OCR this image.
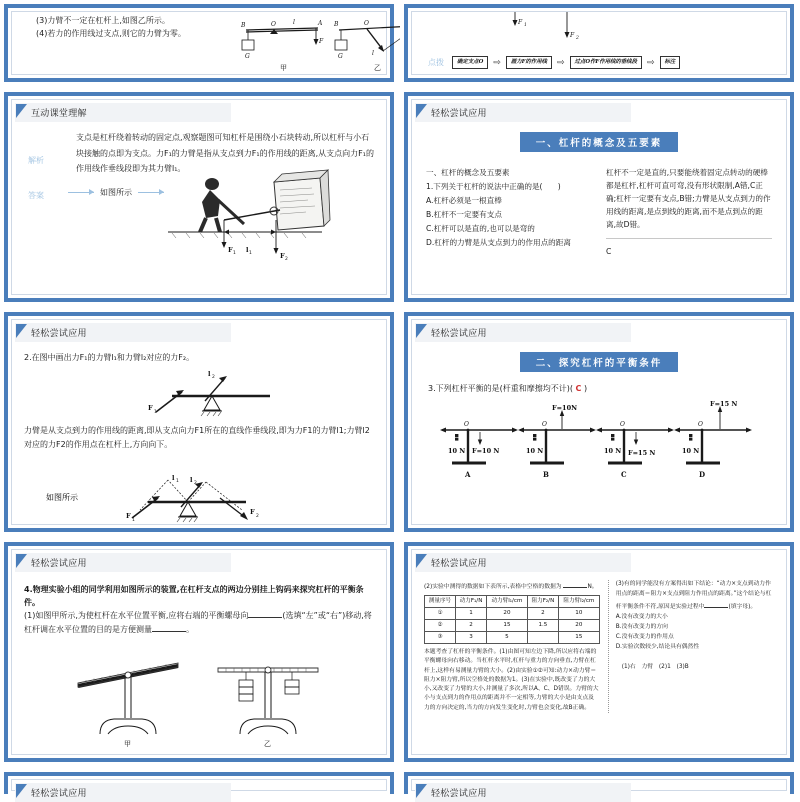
(3)力臂不一定在杠杆上,如图乙所示。
(4)若力的作用线过支点,则它的力臂为零。
B	O	l	A
F
G
甲
B	O
l
G
乙
F 1
F 2
点拨	确定支点O	⇨	画力F的作用线	⇨	过点O作F作用线的垂线段	⇨	标注
互动课堂理解
解析
支点是杠杆绕着转动的固定点,观察题图可知杠杆是围绕小石块转动,所以杠杆与小石块接触的点即为支点。力F₁的力臂是指从支点到力F₁的作用线的距离,从支点向力F₁的作用线作垂线段即为其力臂l₁。
答案	如图所示
F 1 l 1	F 2
轻松尝试应用
一、杠杆的概念及五要素

一、杠杆的概念及五要素

1.下列关于杠杆的说法中正确的是(　　)

A.杠杆必须是一根直棒

B.杠杆不一定要有支点

C.杠杆可以是直的,也可以是弯的

D.杠杆的力臂是从支点到力的作用点的距离

杠杆不一定是直的,只要能绕着固定点转动的硬棒都是杠杆,杠杆可直可弯,没有形状限制,A错,C正确;杠杆一定要有支点,B错;力臂是从支点到力的作用线的距离,是点到线的距离,而不是点到点的距离,故D错。

C

轻松尝试应用
2.在图中画出力F₁的力臂l₁和力臂l₂对应的力F₂。
l 2
F
1
力臂是从支点到力的作用线的距离,即从支点向力F1所在的直线作垂线段,即为力F1的力臂l1;力臂l2对应的力F2的作用点在杠杆上,方向向下。
如图所示
l 1 l 2
F
1
F
2
轻松尝试应用
二、探究杠杆的平衡条件
3.下列杠杆平衡的是(杆重和摩擦均不计)( C )
O
10 N F=10 N
A
O
10 N
F=10N
B
O
10 N F=15 N
C
O
10 N
F=15 N
D
轻松尝试应用
4.物理实验小组的同学利用如图所示的装置,在杠杆支点的两边分别挂上钩码来探究杠杆的平衡条件。
(1)如图甲所示,为使杠杆在水平位置平衡,应将右端的平衡螺母向	(选填“左”或“右”)移动,将杠杆调在水平位置的目的是方便测量	。
甲	乙
轻松尝试应用
(2)实验中测得的数据如下表所示,表格中空格的数据为	N。
测量序号	动力F₁/N	动力臂l₁/cm	阻力F₂/N	阻力臂l₂/cm
①	1	20	2	10
②	2	15	1.5	20
③	3	5		15
本题考查了杠杆的平衡条件。(1)由图可知左边下降,所以应将右端的平衡螺母向右移动。当杠杆水平时,杠杆与重力的方向垂直,力臂在杠杆上,这样有易测量力臂的大小。(2)由实验①②可知:动力×动力臂＝阻力×阻力臂,所以空格处的数据为1。(3)在实验中,既改变了力的大小,又改变了力臂的大小,并测量了多次,所以A、C、D错误。力臂的大小与支点到力的作用点的距离并不一定相等,力臂的大小是由支点及力的方向决定的,当力的方向发生变化时,力臂也会变化,故B正确。
(3)有的同学能没有方案得出如下结论：“动力×支点到动力作用点的距离＝阻力×支点到阻力作用点的距离。”这个结论与杠杆平衡条件不符,原因是实验过程中	(填字母)。
A.没有改变力的大小
B.没有改变力的方向
C.没有改变力的作用点
D.实验次数较少,结论具有偶然性
(1)右　力臂　(2)1　(3)B
轻松尝试应用	轻松尝试应用
